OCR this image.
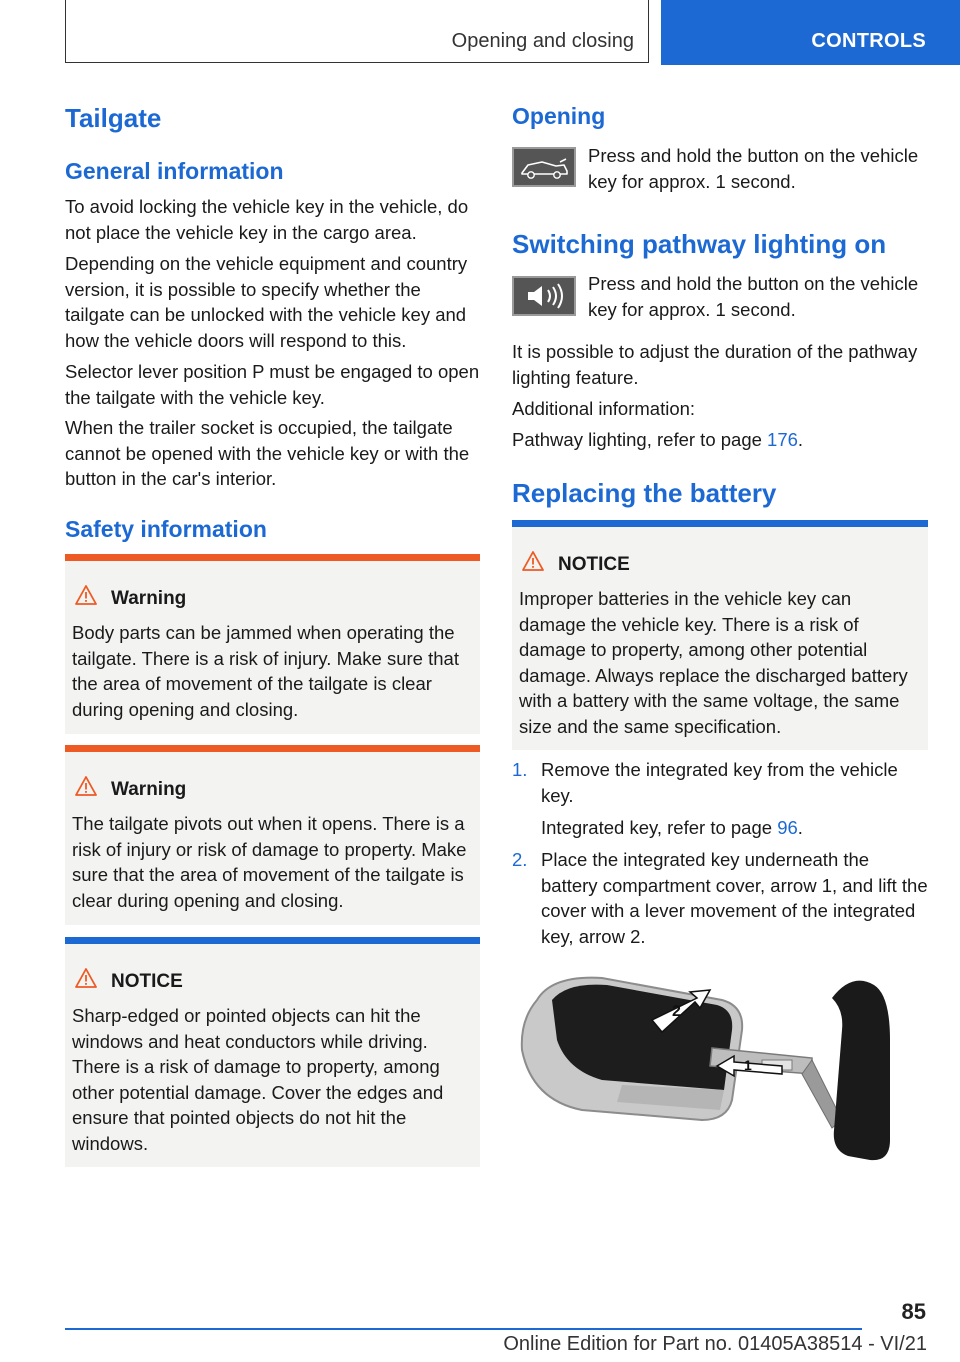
Opening and closing	CONTROLS
Tailgate
General information

To avoid locking the vehicle key in the vehicle, do not place the vehicle key in the cargo area.

Depending on the vehicle equipment and country version, it is possible to specify whether the tailgate can be unlocked with the vehicle key and how the vehicle doors will respond to this.

Selector lever position P must be engaged to open the tailgate with the vehicle key.

When the trailer socket is occupied, the tailgate cannot be opened with the vehicle key or with the button in the car's interior.

Safety information
Warning

Body parts can be jammed when operating the tailgate. There is a risk of injury. Make sure that the area of movement of the tailgate is clear during opening and closing.

Warning

The tailgate pivots out when it opens. There is a risk of injury or risk of damage to property. Make sure that the area of movement of the tailgate is clear during opening and closing.

NOTICE

Sharp-edged or pointed objects can hit the windows and heat conductors while driving. There is a risk of damage to property, among other potential damage. Cover the edges and ensure that pointed objects do not hit the windows.

Opening

Press and hold the button on the vehicle key for approx. 1 second.

Switching pathway lighting on

Press and hold the button on the vehicle key for approx. 1 second.

It is possible to adjust the duration of the pathway lighting feature.

Additional information:

Pathway lighting, refer to page 176.

Replacing the battery
NOTICE

Improper batteries in the vehicle key can damage the vehicle key. There is a risk of damage to property, among other potential damage. Always replace the discharged battery with a battery with the same voltage, the same size and the same specification.

1. Remove the integrated key from the vehicle key.
Integrated key, refer to page 96.
2. Place the integrated key underneath the battery compartment cover, arrow 1, and lift the cover with a lever movement of the integrated key, arrow 2.
2
1
85
Online Edition for Part no. 01405A38514 - VI/21
